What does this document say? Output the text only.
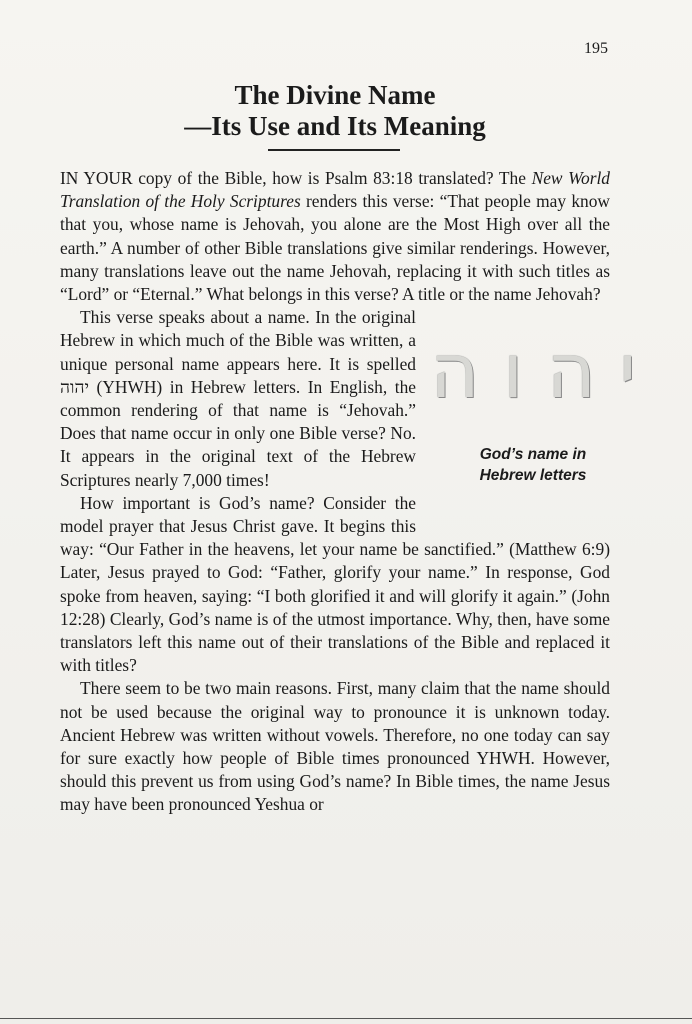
195
The Divine Name
—Its Use and Its Meaning

IN YOUR copy of the Bible, how is Psalm 83:18 translated? The New World Translation of the Holy Scriptures renders this verse: “That people may know that you, whose name is Jehovah, you alone are the Most High over all the earth.” A number of other Bible translations give similar renderings. However, many translations leave out the name Jehovah, replacing it with such titles as “Lord” or “Eternal.” What belongs in this verse? A title or the name Jehovah?

י
ה
ו
ה
God’s name in
Hebrew letters
This verse speaks about a name. In the original Hebrew in which much of the Bible was written, a unique personal name appears here. It is spelled יהוה (YHWH) in Hebrew letters. In English, the common rendering of that name is “Jehovah.” Does that name occur in only one Bible verse? No. It appears in the original text of the Hebrew Scriptures nearly 7,000 times!

How important is God’s name? Consider the model prayer that Jesus Christ gave. It begins this way: “Our Father in the heavens, let your name be sanctified.” (Matthew 6:9) Later, Jesus prayed to God: “Father, glorify your name.” In response, God spoke from heaven, saying: “I both glorified it and will glorify it again.” (John 12:28) Clearly, God’s name is of the utmost importance. Why, then, have some translators left this name out of their translations of the Bible and replaced it with titles?

There seem to be two main reasons. First, many claim that the name should not be used because the original way to pronounce it is unknown today. Ancient Hebrew was written without vowels. Therefore, no one today can say for sure exactly how people of Bible times pronounced YHWH. However, should this prevent us from using God’s name? In Bible times, the name Jesus may have been pronounced Yeshua or
